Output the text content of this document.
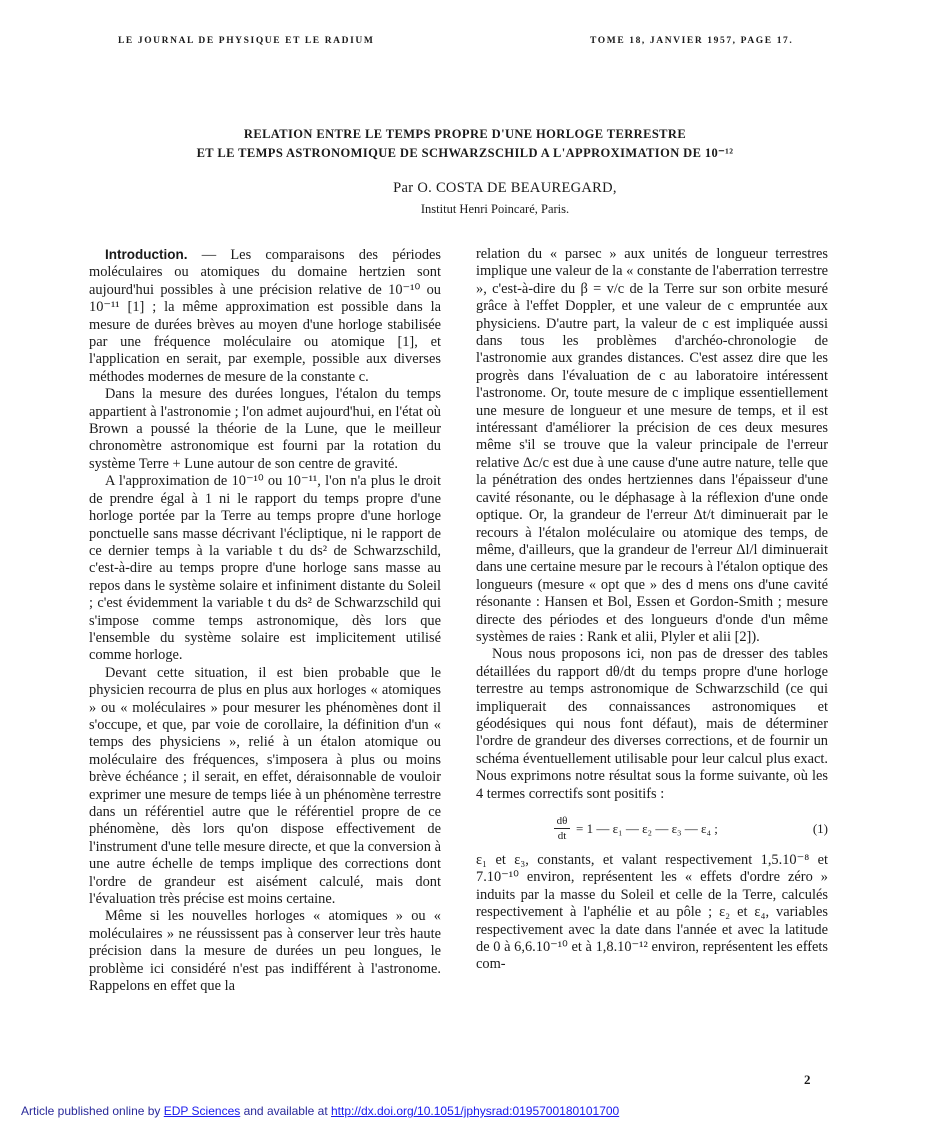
LE JOURNAL DE PHYSIQUE ET LE RADIUM	TOME 18, JANVIER 1957, PAGE 17.
RELATION ENTRE LE TEMPS PROPRE D'UNE HORLOGE TERRESTRE
ET LE TEMPS ASTRONOMIQUE DE SCHWARZSCHILD A L'APPROXIMATION DE 10⁻¹²
Par O. COSTA DE BEAUREGARD,
Institut Henri Poincaré, Paris.

Introduction. — Les comparaisons des périodes moléculaires ou atomiques du domaine hertzien sont aujourd'hui possibles à une précision relative de 10⁻¹⁰ ou 10⁻¹¹ [1] ; la même approximation est possible dans la mesure de durées brèves au moyen d'une horloge stabilisée par une fréquence moléculaire ou atomique [1], et l'application en serait, par exemple, possible aux diverses méthodes modernes de mesure de la constante c.

Dans la mesure des durées longues, l'étalon du temps appartient à l'astronomie ; l'on admet aujourd'hui, en l'état où Brown a poussé la théorie de la Lune, que le meilleur chronomètre astronomique est fourni par la rotation du système Terre + Lune autour de son centre de gravité.

A l'approximation de 10⁻¹⁰ ou 10⁻¹¹, l'on n'a plus le droit de prendre égal à 1 ni le rapport du temps propre d'une horloge portée par la Terre au temps propre d'une horloge ponctuelle sans masse décrivant l'écliptique, ni le rapport de ce dernier temps à la variable t du ds² de Schwarzschild, c'est-à-dire au temps propre d'une horloge sans masse au repos dans le système solaire et infiniment distante du Soleil ; c'est évidemment la variable t du ds² de Schwarzschild qui s'impose comme temps astronomique, dès lors que l'ensemble du système solaire est implicitement utilisé comme horloge.

Devant cette situation, il est bien probable que le physicien recourra de plus en plus aux horloges « atomiques » ou « moléculaires » pour mesurer les phénomènes dont il s'occupe, et que, par voie de corollaire, la définition d'un « temps des physiciens », relié à un étalon atomique ou moléculaire des fréquences, s'imposera à plus ou moins brève échéance ; il serait, en effet, déraisonnable de vouloir exprimer une mesure de temps liée à un phénomène terrestre dans un référentiel autre que le référentiel propre de ce phénomène, dès lors qu'on dispose effectivement de l'instrument d'une telle mesure directe, et que la conversion à une autre échelle de temps implique des corrections dont l'ordre de grandeur est aisément calculé, mais dont l'évaluation très précise est moins certaine.

Même si les nouvelles horloges « atomiques » ou « moléculaires » ne réussissent pas à conserver leur très haute précision dans la mesure de durées un peu longues, le problème ici considéré n'est pas indifférent à l'astronome. Rappelons en effet que la

relation du « parsec » aux unités de longueur terrestres implique une valeur de la « constante de l'aberration terrestre », c'est-à-dire du β = v/c de la Terre sur son orbite mesuré grâce à l'effet Doppler, et une valeur de c empruntée aux physiciens. D'autre part, la valeur de c est impliquée aussi dans tous les problèmes d'archéo-chronologie de l'astronomie aux grandes distances. C'est assez dire que les progrès dans l'évaluation de c au laboratoire intéressent l'astronome. Or, toute mesure de c implique essentiellement une mesure de longueur et une mesure de temps, et il est intéressant d'améliorer la précision de ces deux mesures même s'il se trouve que la valeur principale de l'erreur relative Δc/c est due à une cause d'une autre nature, telle que la pénétration des ondes hertziennes dans l'épaisseur d'une cavité résonante, ou le déphasage à la réflexion d'une onde optique. Or, la grandeur de l'erreur Δt/t diminuerait par le recours à l'étalon moléculaire ou atomique des temps, de même, d'ailleurs, que la grandeur de l'erreur Δl/l diminuerait dans une certaine mesure par le recours à l'étalon optique des longueurs (mesure « opt que » des d mens ons d'une cavité résonante : Hansen et Bol, Essen et Gordon-Smith ; mesure directe des périodes et des longueurs d'onde d'un même systèmes de raies : Rank et alii, Plyler et alii [2]).

Nous nous proposons ici, non pas de dresser des tables détaillées du rapport dθ/dt du temps propre d'une horloge terrestre au temps astronomique de Schwarzschild (ce qui impliquerait des connaissances astronomiques et géodésiques qui nous font défaut), mais de déterminer l'ordre de grandeur des diverses corrections, et de fournir un schéma éventuellement utilisable pour leur calcul plus exact. Nous exprimons notre résultat sous la forme suivante, où les 4 termes correctifs sont positifs :

$\frac{d\theta}{dt} = 1$ — ε₁ — ε₂ — ε₃ — ε₄ ;	(1)

ε₁ et ε₃, constants, et valant respectivement 1,5.10⁻⁸ et 7.10⁻¹⁰ environ, représentent les « effets d'ordre zéro » induits par la masse du Soleil et celle de la Terre, calculés respectivement à l'aphélie et au pôle ; ε₂ et ε₄, variables respectivement avec la date dans l'année et avec la latitude de 0 à 6,6.10⁻¹⁰ et à 1,8.10⁻¹² environ, représentent les effets com-

2
Article published online by EDP Sciences and available at http://dx.doi.org/10.1051/jphysrad:0195700180101700
